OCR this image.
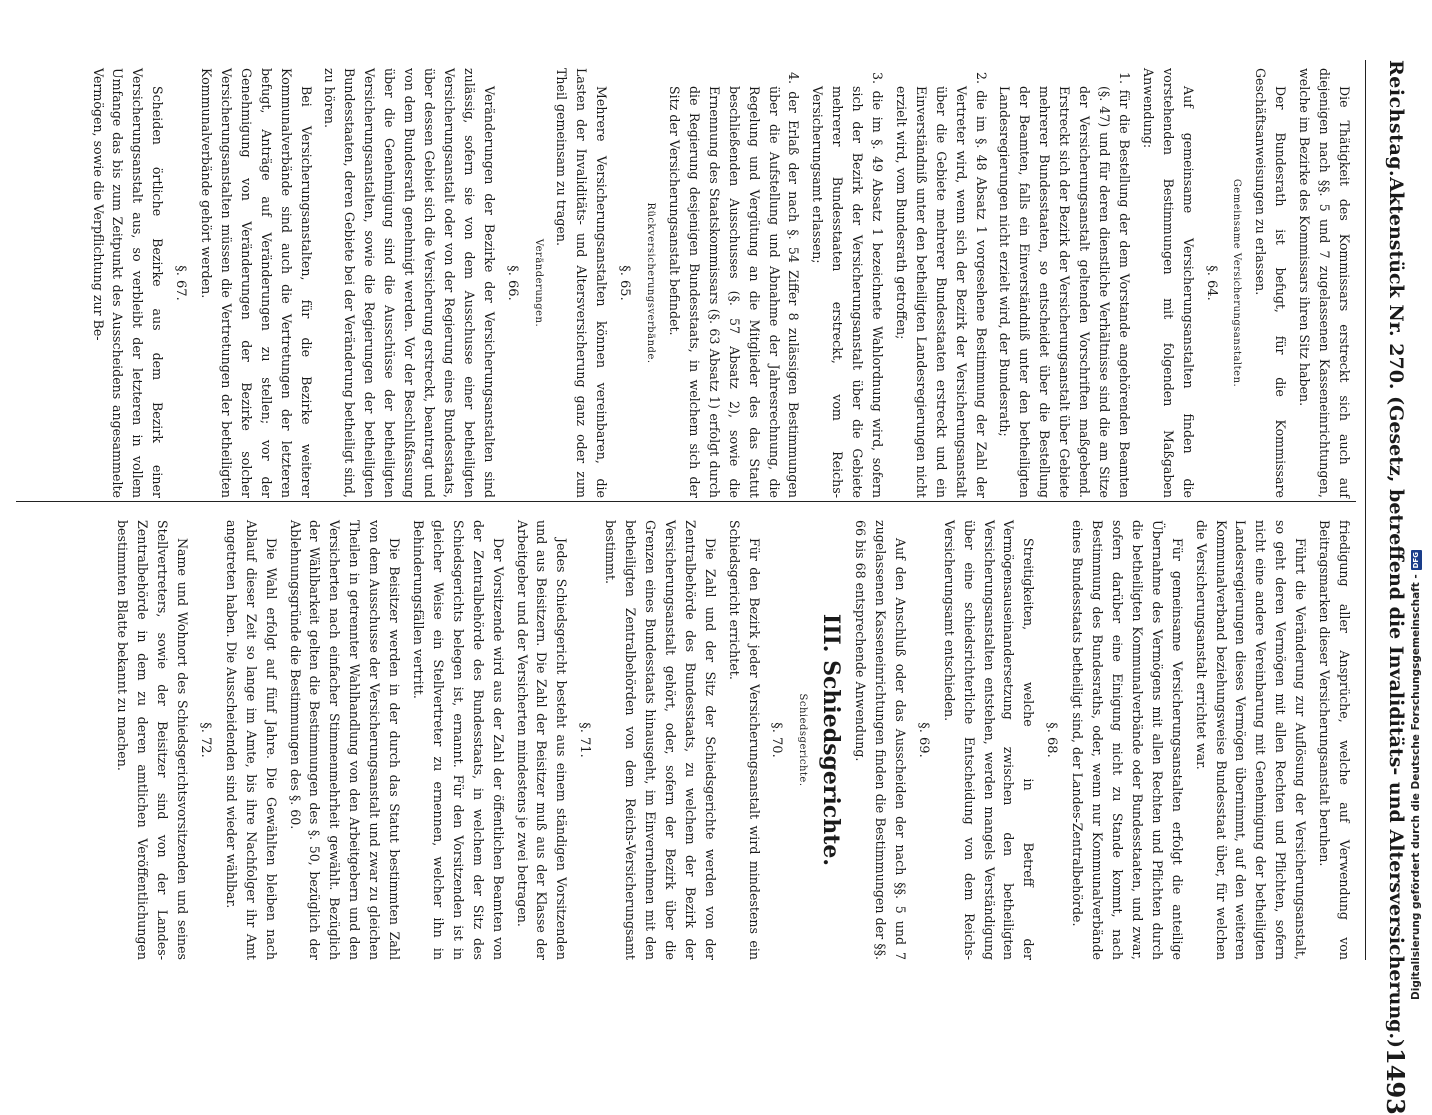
Reichstag.
Aktenstück Nr. 270. (Gesetz, betreffend die Invaliditäts- und Altersversicherung.)
1493

Die Thätigkeit des Kommissars erstreckt sich auch auf diejenigen nach §§. 5 und 7 zugelassenen Kasseneinrichtungen, welche im Bezirke des Kommissars ihren Sitz haben.

Der Bundesrath ist befugt, für die Kommissare Geschäftsanweisungen zu erlassen.

Gemeinsame Versicherungsanstalten.
§. 64.

Auf gemeinsame Versicherungsanstalten finden die vorstehenden Bestimmungen mit folgenden Maßgaben Anwendung:

1. für die Bestellung der dem Vorstande angehörenden Beamten (§. 47) und für deren dienstliche Verhältnisse sind die am Sitze der Versicherungsanstalt geltenden Vorschriften maßgebend. Erstreckt sich der Bezirk der Versicherungsanstalt über Gebiete mehrerer Bundesstaaten, so entscheidet über die Bestellung der Beamten, falls ein Einverständniß unter den betheiligten Landesregierungen nicht erzielt wird, der Bundesrath;

2. die im §. 48 Absatz 1 vorgesehene Bestimmung der Zahl der Vertreter wird, wenn sich der Bezirk der Versicherungsanstalt über die Gebiete mehrerer Bundesstaaten erstreckt und ein Einverständniß unter den betheiligten Landesregierungen nicht erzielt wird, vom Bundesrath getroffen;

3. die im §. 49 Absatz 1 bezeichnete Wahlordnung wird, sofern sich der Bezirk der Versicherungsanstalt über die Gebiete mehrerer Bundesstaaten erstreckt, vom Reichs-Versicherungsamt erlassen;

4. der Erlaß der nach §. 54 Ziffer 8 zulässigen Bestimmungen über die Aufstellung und Abnahme der Jahresrechnung, die Regelung und Vergütung an die Mitglieder des das Statut beschließenden Ausschusses (§. 57 Absatz 2), sowie die Ernennung des Staatskommissars (§. 63 Absatz 1) erfolgt durch die Regierung desjenigen Bundesstaats, in welchem sich der Sitz der Versicherungsanstalt befindet.

Rückversicherungsverbände.
§. 65.

Mehrere Versicherungsanstalten können vereinbaren, die Lasten der Invaliditäts- und Altersversicherung ganz oder zum Theil gemeinsam zu tragen.

Veränderungen.
§. 66.

Veränderungen der Bezirke der Versicherungsanstalten sind zulässig, sofern sie von dem Ausschusse einer betheiligten Versicherungsanstalt oder von der Regierung eines Bundesstaats, über dessen Gebiet sich die Versicherung erstreckt, beantragt und von dem Bundesrath genehmigt werden. Vor der Beschlußfassung über die Genehmigung sind die Ausschüsse der betheiligten Versicherungsanstalten, sowie die Regierungen der betheiligten Bundesstaaten, deren Gebiete bei der Veränderung betheiligt sind, zu hören.

Bei Versicherungsanstalten, für die Bezirke weiterer Kommunalverbände sind auch die Vertretungen der letzteren befugt, Anträge auf Veränderungen zu stellen; vor der Genehmigung von Veränderungen der Bezirke solcher Versicherungsanstalten müssen die Vertretungen der betheiligten Kommunalverbände gehört werden.

§. 67.

Scheiden örtliche Bezirke aus dem Bezirk einer Versicherungsanstalt aus, so verbleibt der letzteren in vollem Umfange das bis zum Zeitpunkt des Ausscheidens angesammelte Vermögen, sowie die Verpflichtung zur Be-

friedigung aller Ansprüche, welche auf Verwendung von Beitragsmarken dieser Versicherungsanstalt beruhen.

Führt die Veränderung zur Auflösung der Versicherungsanstalt, so geht deren Vermögen mit allen Rechten und Pflichten, sofern nicht eine andere Vereinbarung mit Genehmigung der betheiligten Landesregierungen dieses Vermögen übernimmt, auf den weiteren Kommunalverband beziehungsweise Bundesstaat über, für welchen die Versicherungsanstalt errichtet war.

Für gemeinsame Versicherungsanstalten erfolgt die anteilige Übernahme des Vermögens mit allen Rechten und Pflichten durch die betheiligten Kommunalverbände oder Bundesstaaten, und zwar, sofern darüber eine Einigung nicht zu Stande kommt, nach Bestimmung des Bundesraths, oder, wenn nur Kommunalverbände eines Bundesstaats betheiligt sind, der Landes-Zentralbehörde.

§. 68.

Streitigkeiten, welche in Betreff der Vermögensauseinandersetzung zwischen den betheiligten Versicherungsanstalten entstehen, werden mangels Verständigung über eine schiedsrichterliche Entscheidung von dem Reichs-Versicherungsamt entschieden.

§. 69.

Auf den Anschluß oder das Ausscheiden der nach §§. 5 und 7 zugelassenen Kasseneinrichtungen finden die Bestimmungen der §§. 66 bis 68 entsprechende Anwendung.

III. Schiedsgerichte.
Schiedsgerichte.
§. 70.

Für den Bezirk jeder Versicherungsanstalt wird mindestens ein Schiedsgericht errichtet.

Die Zahl und der Sitz der Schiedsgerichte werden von der Zentralbehörde des Bundesstaats, zu welchem der Bezirk der Versicherungsanstalt gehört, oder, sofern der Bezirk über die Grenzen eines Bundesstaats hinausgeht, im Einvernehmen mit den betheiligten Zentralbehörden von dem Reichs-Versicherungsamt bestimmt.

§. 71.

Jedes Schiedsgericht besteht aus einem ständigen Vorsitzenden und aus Beisitzern. Die Zahl der Beisitzer muß aus der Klasse der Arbeitgeber und der Versicherten mindestens je zwei betragen.

Der Vorsitzende wird aus der Zahl der öffentlichen Beamten von der Zentralbehörde des Bundesstaats, in welchem der Sitz des Schiedsgerichts belegen ist, ernannt. Für den Vorsitzenden ist in gleicher Weise ein Stellvertreter zu ernennen, welcher ihn in Behinderungsfällen vertritt.

Die Beisitzer werden in der durch das Statut bestimmten Zahl von dem Ausschusse der Versicherungsanstalt und zwar zu gleichen Theilen in getrennter Wahlhandlung von den Arbeitgebern und den Versicherten nach einfacher Stimmenmehrheit gewählt. Bezüglich der Wählbarkeit gelten die Bestimmungen des §. 50, bezüglich der Ablehnungsgründe die Bestimmungen des §. 60.

Die Wahl erfolgt auf fünf Jahre. Die Gewählten bleiben nach Ablauf dieser Zeit so lange im Amte, bis ihre Nachfolger ihr Amt angetreten haben. Die Ausscheidenden sind wieder wählbar.

§. 72.

Name und Wohnort des Schiedsgerichtsvorsitzenden und seines Stellvertreters, sowie der Beisitzer sind von der Landes-Zentralbehörde in dem zu deren amtlichen Veröffentlichungen bestimmten Blatte bekannt zu machen.	Digitalisierung gefördert durch die Deutsche Forschungsgemeinschaft -
DFG
